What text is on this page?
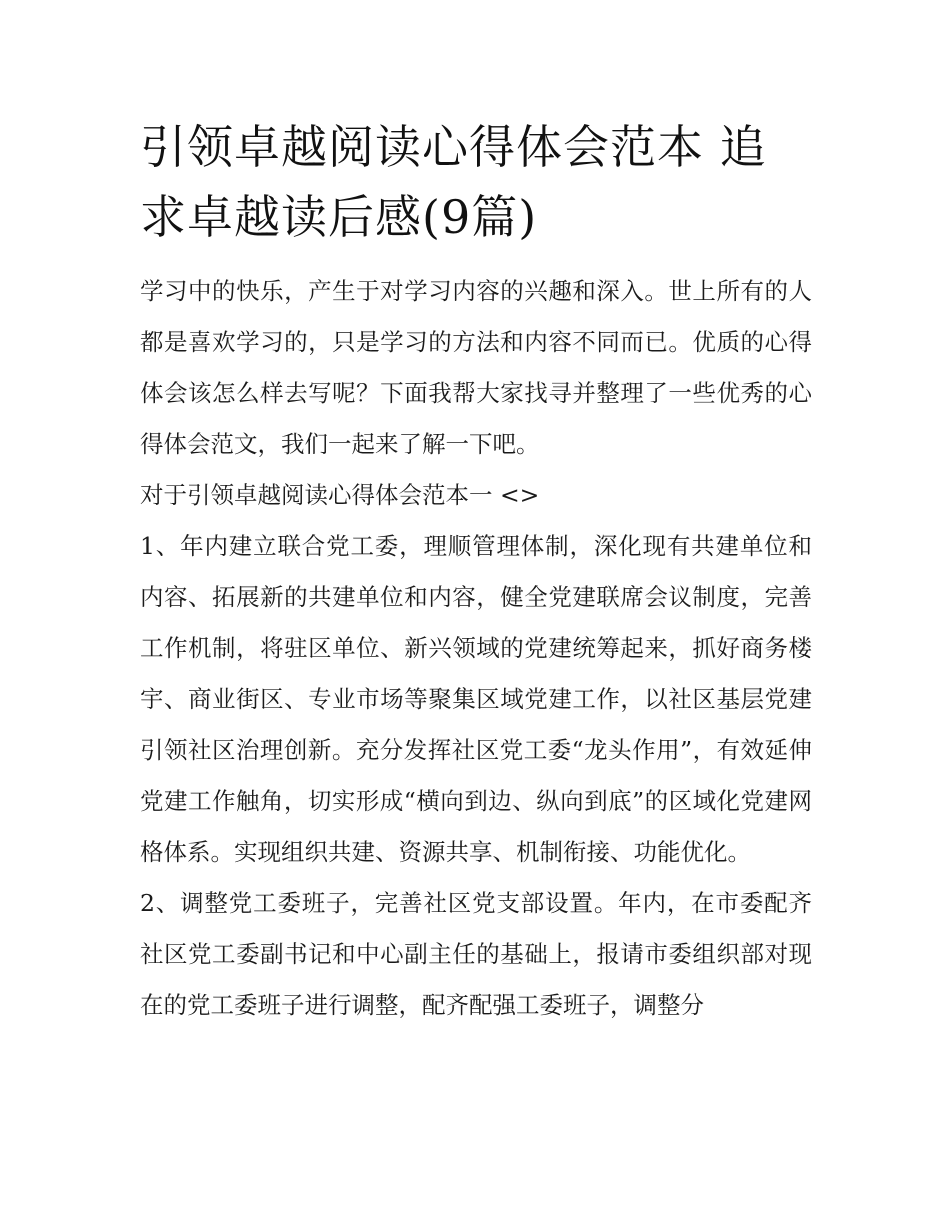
引领卓越阅读心得体会范本 追求卓越读后感(9篇)

学习中的快乐，产生于对学习内容的兴趣和深入。世上所有的人都是喜欢学习的，只是学习的方法和内容不同而已。优质的心得体会该怎么样去写呢？下面我帮大家找寻并整理了一些优秀的心得体会范文，我们一起来了解一下吧。

对于引领卓越阅读心得体会范本一 <>

1、年内建立联合党工委，理顺管理体制，深化现有共建单位和内容、拓展新的共建单位和内容，健全党建联席会议制度，完善工作机制，将驻区单位、新兴领域的党建统筹起来，抓好商务楼宇、商业街区、专业市场等聚集区域党建工作，以社区基层党建引领社区治理创新。充分发挥社区党工委“龙头作用”，有效延伸党建工作触角，切实形成“横向到边、纵向到底”的区域化党建网格体系。实现组织共建、资源共享、机制衔接、功能优化。

2、调整党工委班子，完善社区党支部设置。年内，在市委配齐社区党工委副书记和中心副主任的基础上，报请市委组织部对现在的党工委班子进行调整，配齐配强工委班子，调整分
